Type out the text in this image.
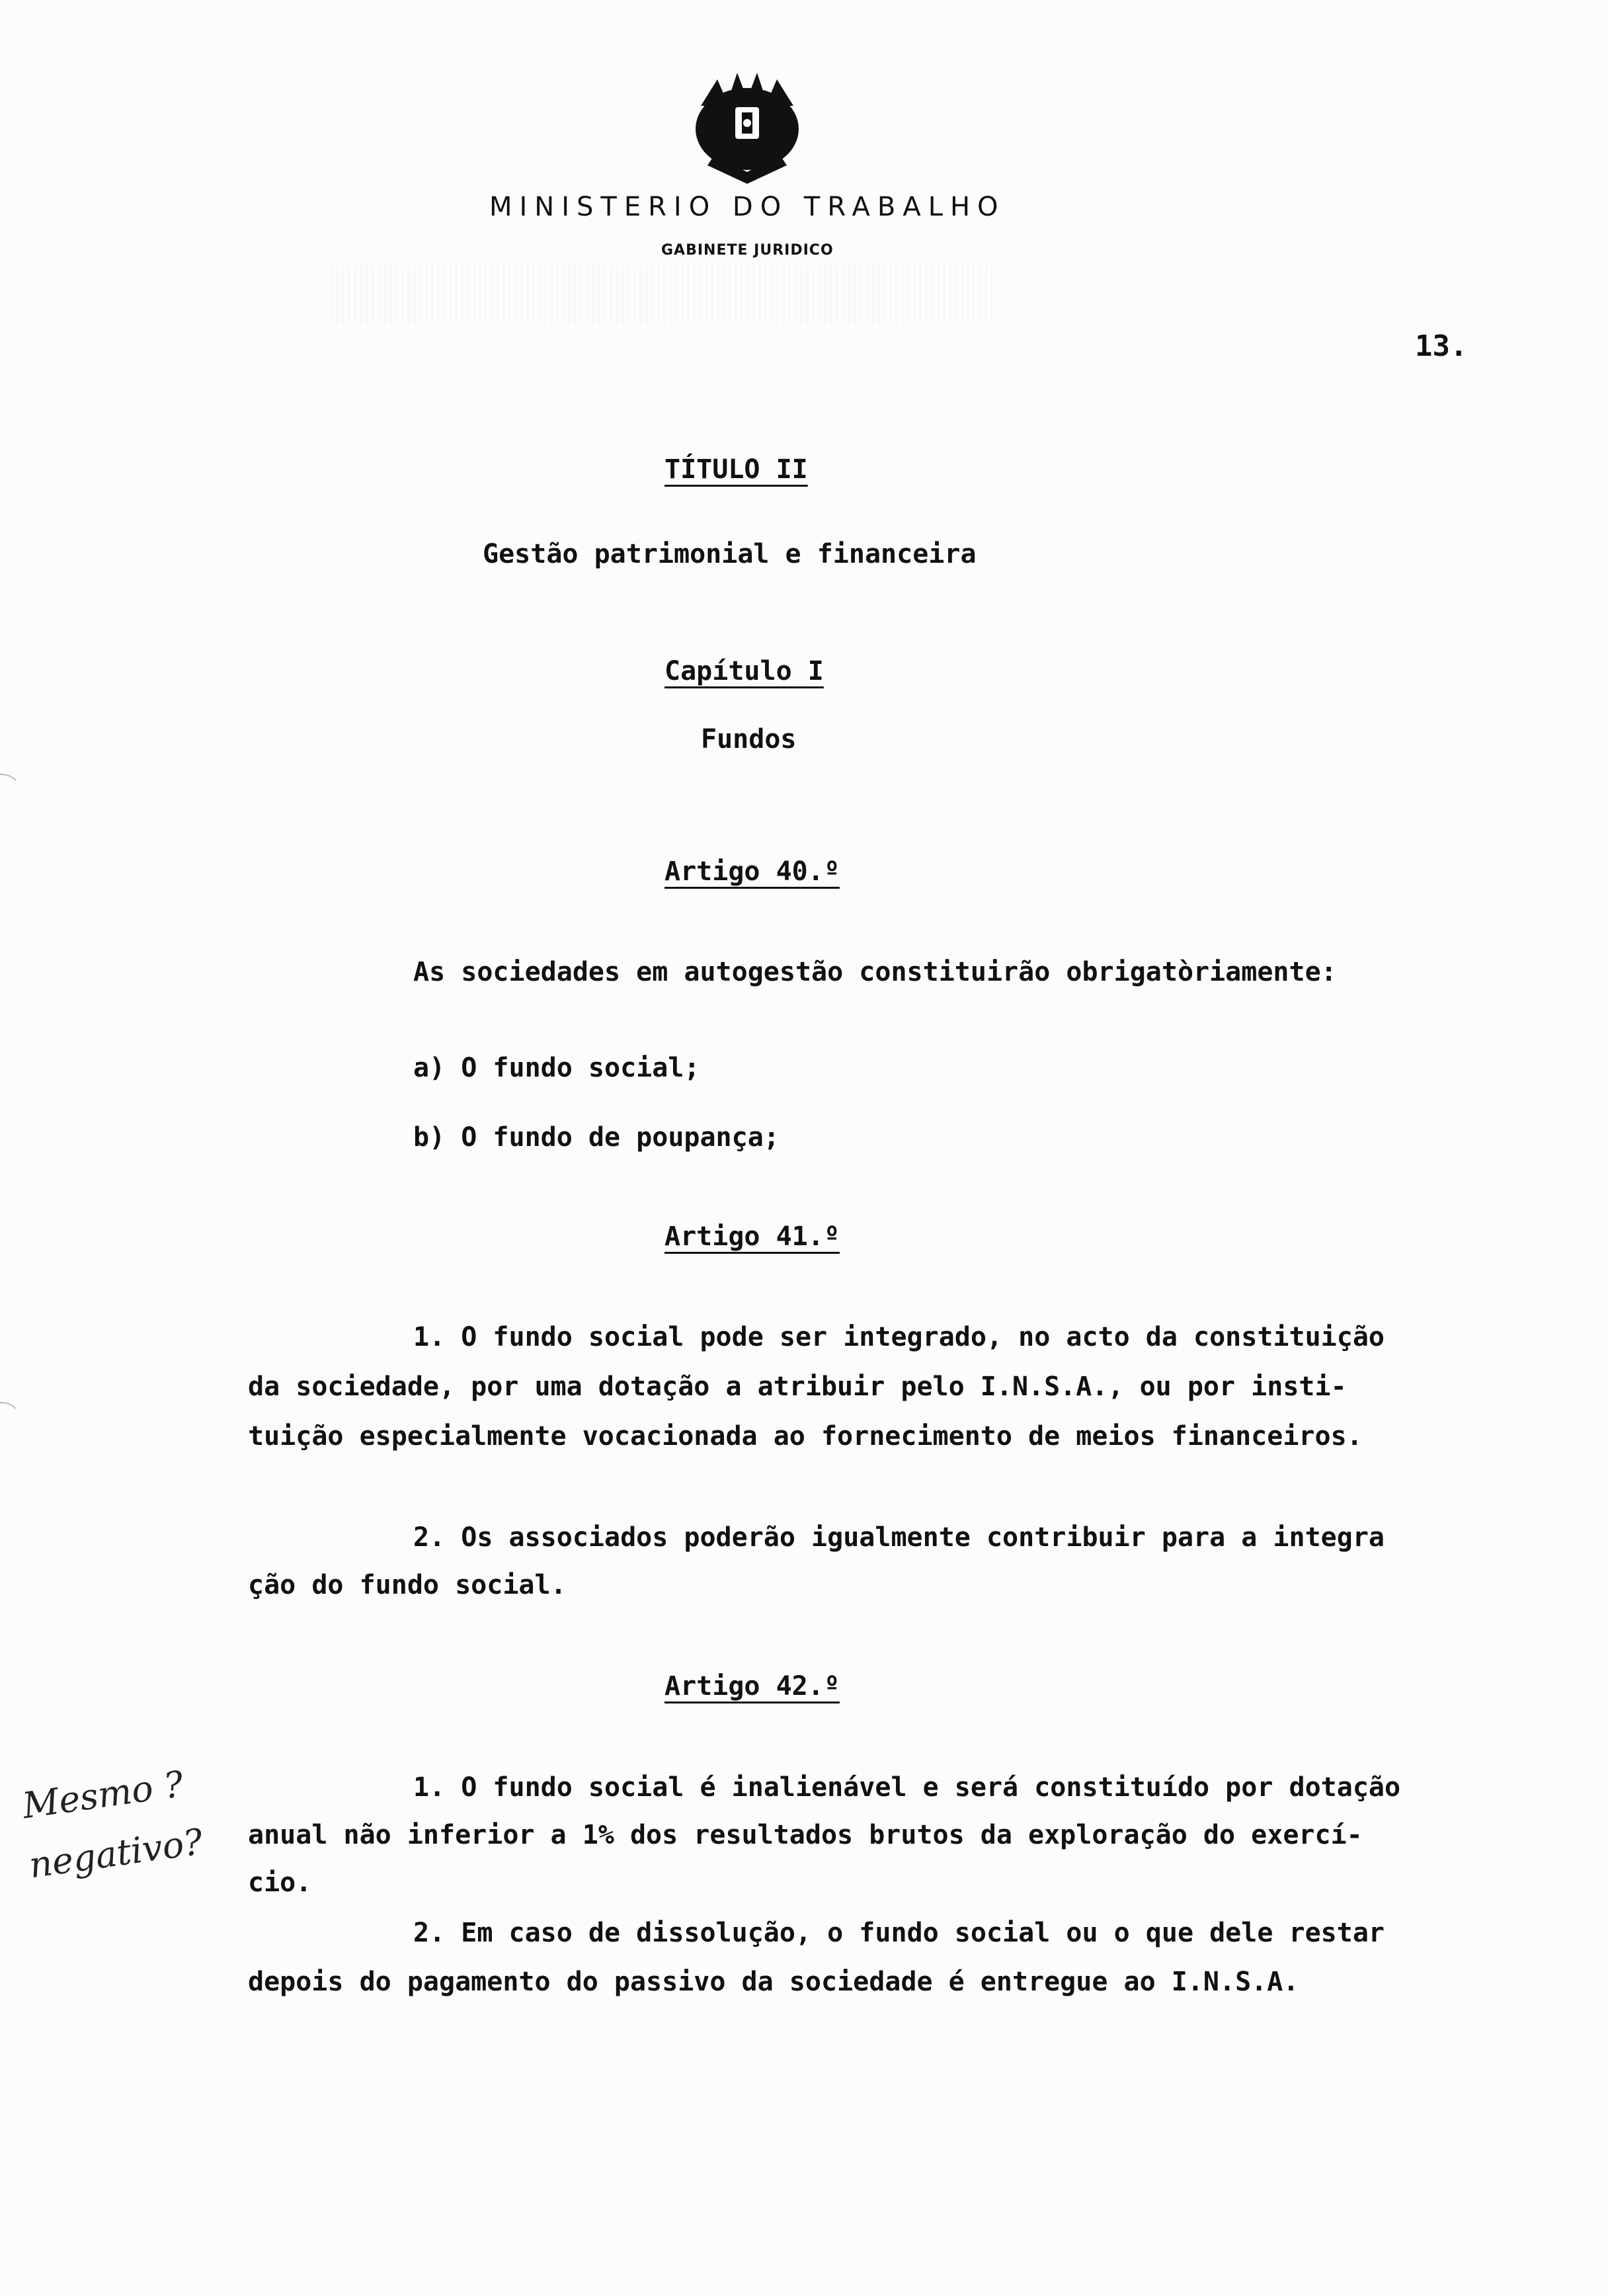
MINISTERIO DO TRABALHO
GABINETE JURIDICO
13.
TÍTULO II
Gestão patrimonial e financeira
Capítulo I
Fundos
Artigo 40.º
As sociedades em autogestão constituirão obrigatòriamente:
a) O fundo social;
b) O fundo de poupança;
Artigo 41.º
1. O fundo social pode ser integrado, no acto da constituição
da sociedade, por uma dotação a atribuir pelo I.N.S.A., ou por insti-
tuição especialmente vocacionada ao fornecimento de meios financeiros.
2. Os associados poderão igualmente contribuir para a integra
ção do fundo social.
Artigo 42.º
1. O fundo social é inalienável e será constituído por dotação
anual não inferior a 1% dos resultados brutos da exploração do exercí-
cio.
2. Em caso de dissolução, o fundo social ou o que dele restar
depois do pagamento do passivo da sociedade é entregue ao I.N.S.A.
Mesmo ?
negativo?
